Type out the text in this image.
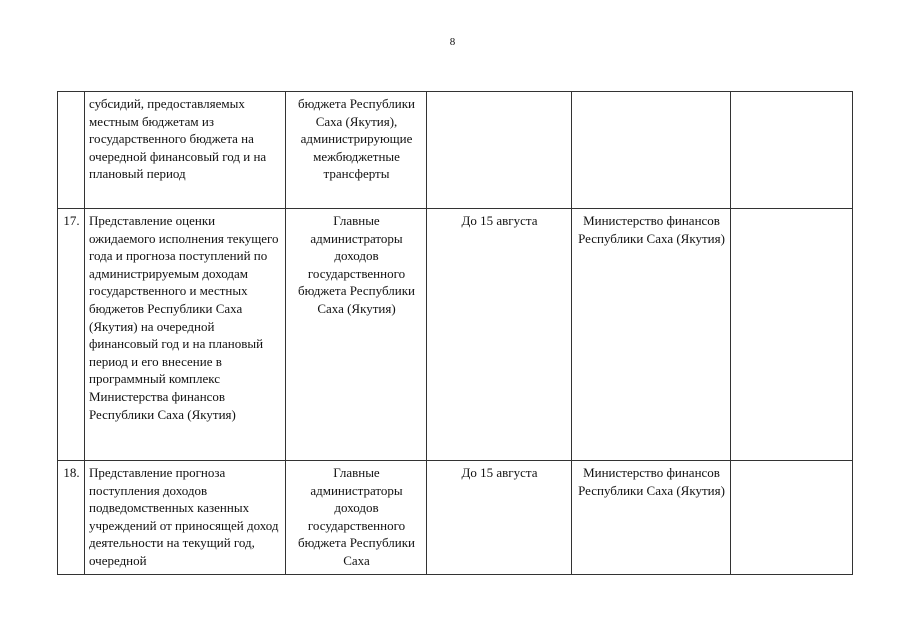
8
	субсидий, предоставляемых местным бюджетам из государственного бюджета на очередной финансовый год и на плановый период	бюджета Республики Саха (Якутия), администрирующие межбюджетные трансферты			
17.	Представление оценки ожидаемого исполнения текущего года и прогноза поступлений по администрируемым доходам государственного и местных бюджетов Республики Саха (Якутия) на очередной финансовый год и на плановый период и его внесение в программный комплекс Министерства финансов Республики Саха (Якутия)	Главные администраторы доходов государственного бюджета Республики Саха (Якутия)	До 15 августа	Министерство финансов Республики Саха (Якутия)	
18.	Представление прогноза поступления доходов подведомственных казенных учреждений от приносящей доход деятельности на текущий год, очередной	Главные администраторы доходов государственного бюджета Республики Саха	До 15 августа	Министерство финансов Республики Саха (Якутия)	
